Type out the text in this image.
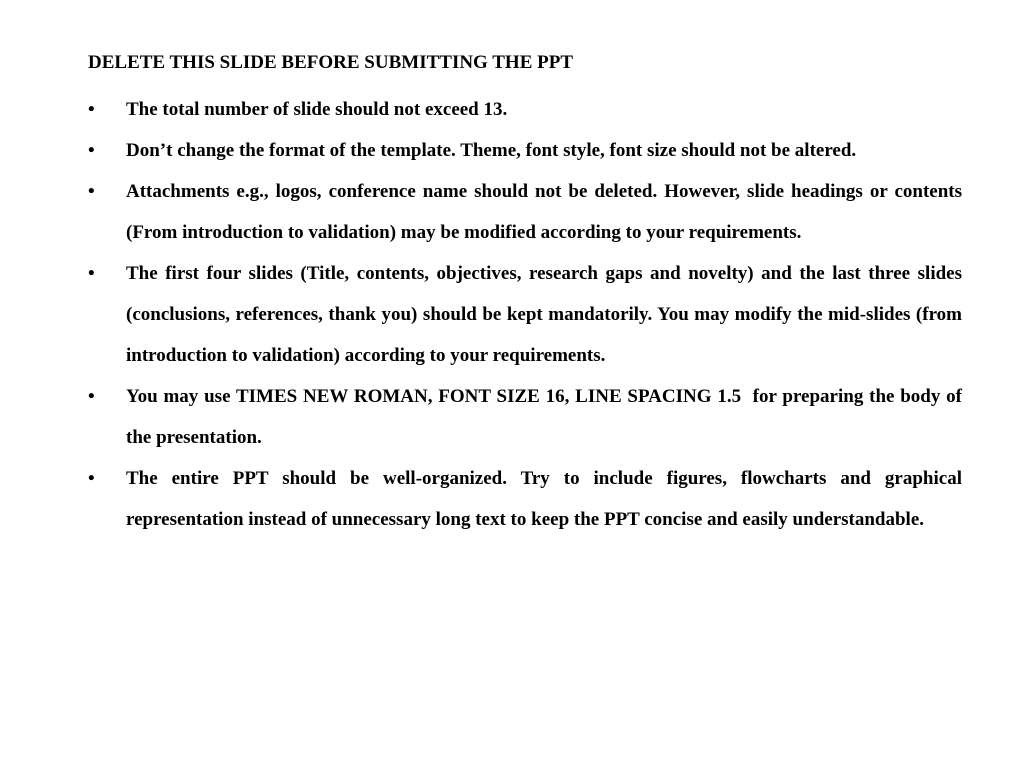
DELETE THIS SLIDE BEFORE SUBMITTING THE PPT
•	The total number of slide should not exceed 13.
•	Don’t change the format of the template. Theme, font style, font size should not be altered.
•	Attachments e.g., logos, conference name should not be deleted. However, slide headings or contents (From introduction to validation) may be modified according to your requirements.
•	The first four slides (Title, contents, objectives, research gaps and novelty) and the last three slides (conclusions, references, thank you) should be kept mandatorily. You may modify the mid-slides (from introduction to validation) according to your requirements.
•	You may use TIMES NEW ROMAN, FONT SIZE 16, LINE SPACING 1.5  for preparing the body of the presentation.
•	The entire PPT should be well-organized. Try to include figures, flowcharts and graphical representation instead of unnecessary long text to keep the PPT concise and easily understandable.
